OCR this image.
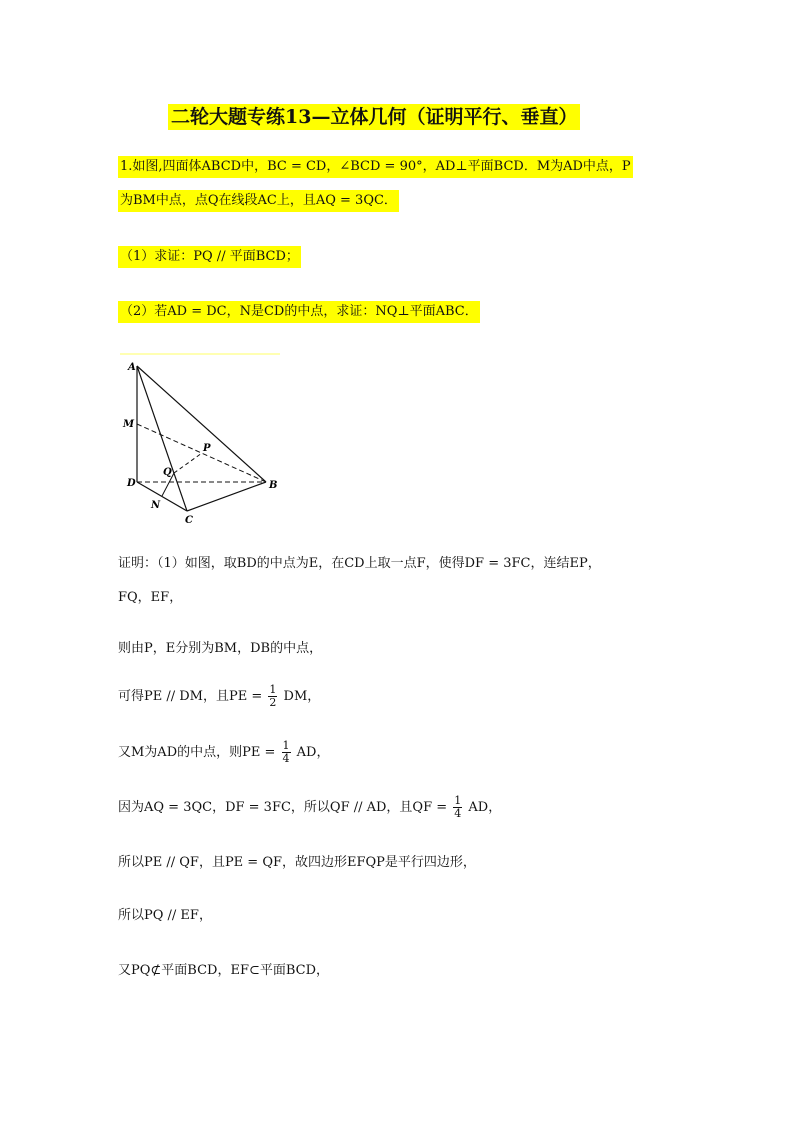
二轮大题专练13—立体几何（证明平行、垂直）
1.如图,四面体ABCD中，BC = CD，∠BCD = 90°，AD⊥平面BCD．M为AD中点，P
为BM中点，点Q在线段AC上，且AQ = 3QC．
（1）求证：PQ // 平面BCD；
（2）若AD = DC，N是CD的中点，求证：NQ⊥平面ABC．
A
M
P
Q
D	B
N
C
证明：（1）如图，取BD的中点为E，在CD上取一点F，使得DF = 3FC，连结EP，
FQ，EF，
则由P，E分别为BM，DB的中点，
可得PE // DM，且PE = $\frac{1}{2}$ DM，
又M为AD的中点，则PE = $\frac{1}{4}$ AD，
因为AQ = 3QC，DF = 3FC，所以QF // AD，且QF = $\frac{1}{4}$ AD，
所以PE // QF，且PE = QF，故四边形EFQP是平行四边形，
所以PQ // EF，
又PQ⊄平面BCD，EF⊂平面BCD，
